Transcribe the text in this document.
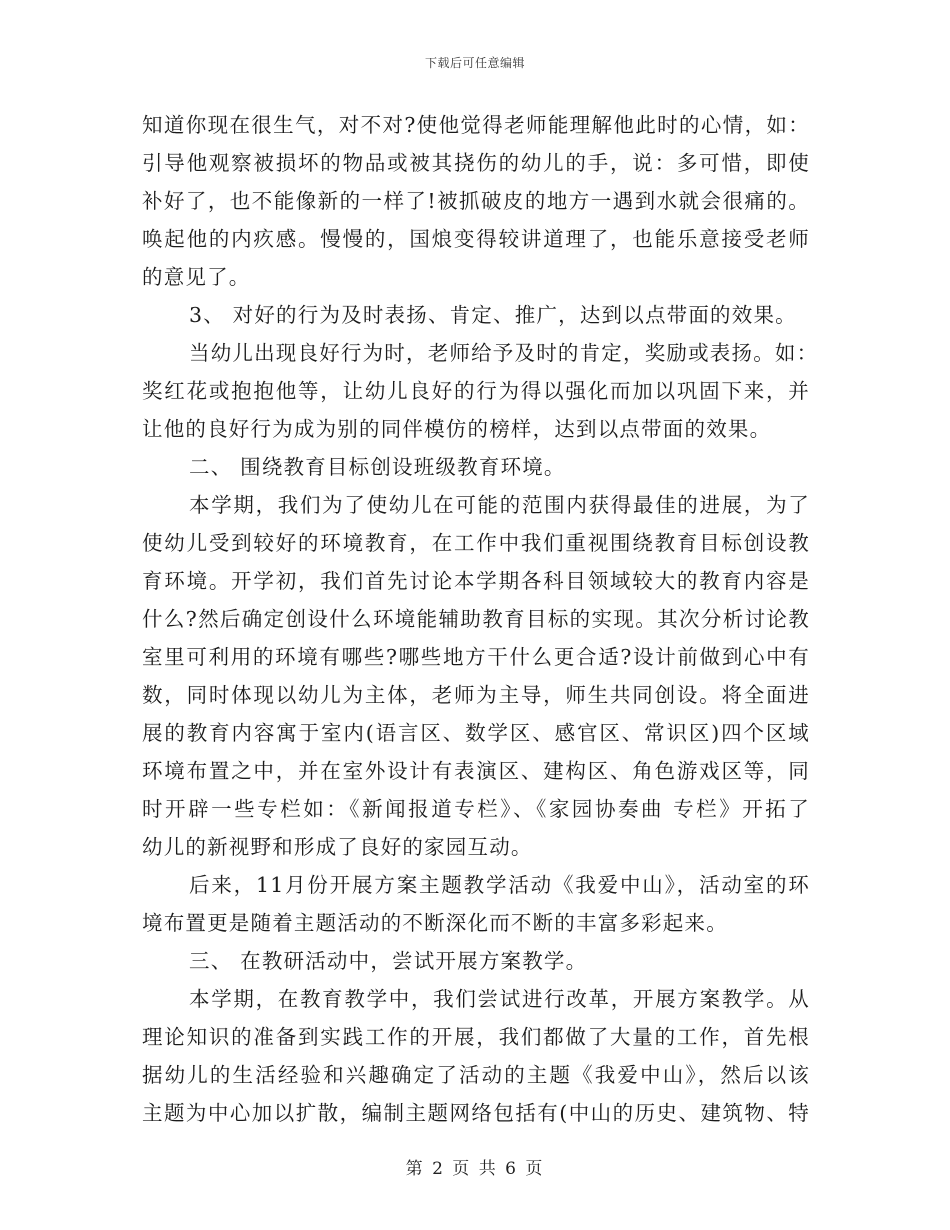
下载后可任意编辑
知道你现在很生气，对不对?使他觉得老师能理解他此时的心情，如：
引导他观察被损坏的物品或被其挠伤的幼儿的手，说：多可惜，即使
补好了，也不能像新的一样了!被抓破皮的地方一遇到水就会很痛的。
唤起他的内疚感。慢慢的，国烺变得较讲道理了，也能乐意接受老师
的意见了。
3、 对好的行为及时表扬、肯定、推广，达到以点带面的效果。
当幼儿出现良好行为时，老师给予及时的肯定，奖励或表扬。如：
奖红花或抱抱他等，让幼儿良好的行为得以强化而加以巩固下来，并
让他的良好行为成为别的同伴模仿的榜样，达到以点带面的效果。
二、 围绕教育目标创设班级教育环境。
本学期，我们为了使幼儿在可能的范围内获得最佳的进展，为了
使幼儿受到较好的环境教育，在工作中我们重视围绕教育目标创设教
育环境。开学初，我们首先讨论本学期各科目领域较大的教育内容是
什么?然后确定创设什么环境能辅助教育目标的实现。其次分析讨论教
室里可利用的环境有哪些?哪些地方干什么更合适?设计前做到心中有
数，同时体现以幼儿为主体，老师为主导，师生共同创设。将全面进
展的教育内容寓于室内(语言区、数学区、感官区、常识区)四个区域
环境布置之中，并在室外设计有表演区、建构区、角色游戏区等，同
时开辟一些专栏如：《新闻报道专栏》、《家园协奏曲 专栏》开拓了
幼儿的新视野和形成了良好的家园互动。
后来，11月份开展方案主题教学活动《我爱中山》，活动室的环
境布置更是随着主题活动的不断深化而不断的丰富多彩起来。
三、 在教研活动中，尝试开展方案教学。
本学期，在教育教学中，我们尝试进行改革，开展方案教学。从
理论知识的准备到实践工作的开展，我们都做了大量的工作，首先根
据幼儿的生活经验和兴趣确定了活动的主题《我爱中山》，然后以该
主题为中心加以扩散，编制主题网络包括有(中山的历史、建筑物、特
第 2 页 共 6 页
